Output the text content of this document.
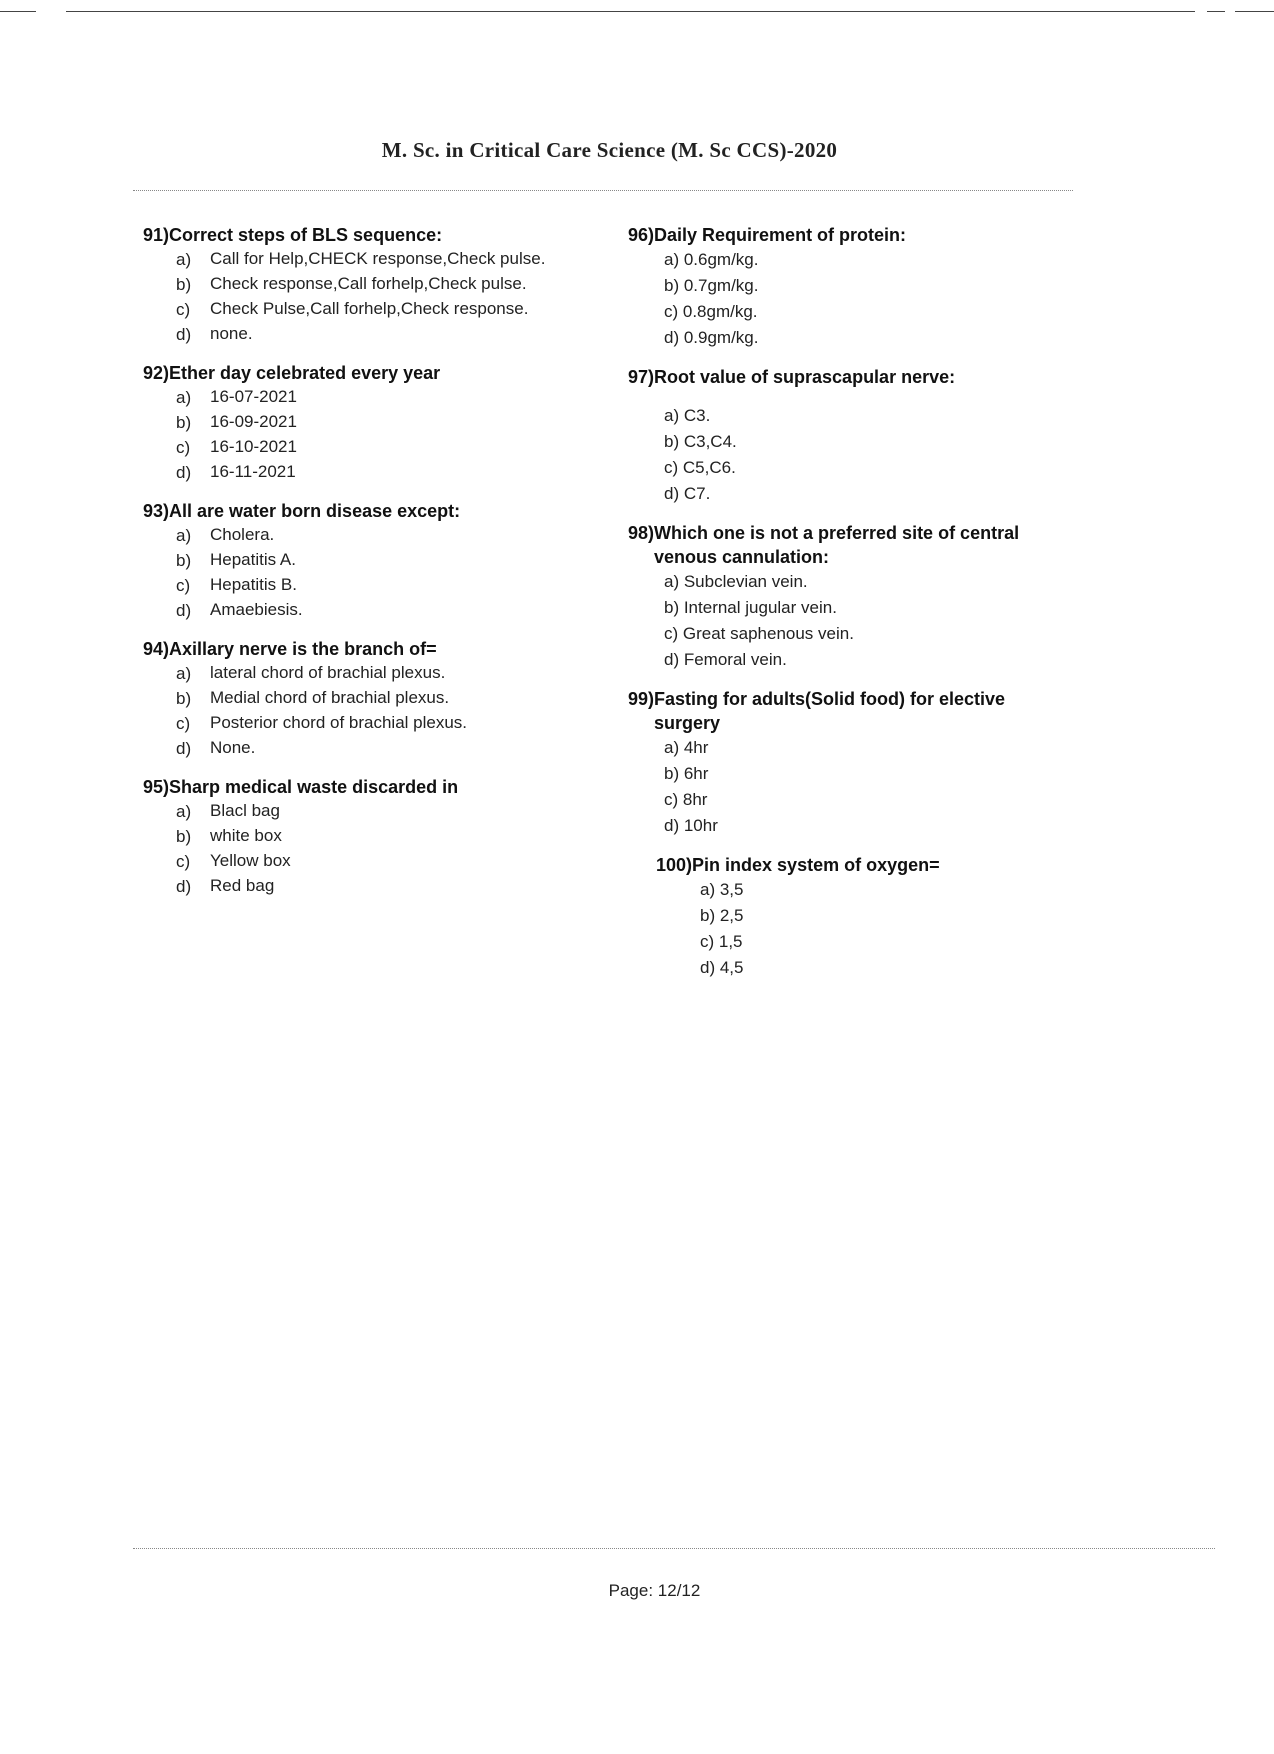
M. Sc. in Critical Care Science (M. Sc CCS)-2020
91) Correct steps of BLS sequence:
a)	Call for Help,CHECK response,Check pulse.
b)	Check response,Call forhelp,Check pulse.
c)	Check Pulse,Call forhelp,Check response.
d)	none.
92) Ether day celebrated every year
a)	16-07-2021
b)	16-09-2021
c)	16-10-2021
d)	16-11-2021
93) All are water born disease except:
a)	Cholera.
b)	Hepatitis A.
c)	Hepatitis B.
d)	Amaebiesis.
94) Axillary nerve is the branch of=
a)	lateral chord of brachial plexus.
b)	Medial chord of brachial plexus.
c)	Posterior chord of brachial plexus.
d)	None.
95) Sharp medical waste discarded in
a)	Blacl bag
b)	white box
c)	Yellow box
d)	Red bag
96) Daily Requirement of protein:
a) 0.6gm/kg.
b) 0.7gm/kg.
c) 0.8gm/kg.
d) 0.9gm/kg.
97) Root value of suprascapular nerve:
a) C3.
b) C3,C4.
c) C5,C6.
d) C7.
98) Which one is not a preferred site of central venous cannulation:
a) Subclevian vein.
b) Internal jugular vein.
c) Great saphenous vein.
d) Femoral vein.
99) Fasting for adults(Solid food) for elective surgery
a) 4hr
b) 6hr
c) 8hr
d) 10hr
100) Pin index system of oxygen=
a) 3,5
b) 2,5
c) 1,5
d) 4,5
Page: 12/12
